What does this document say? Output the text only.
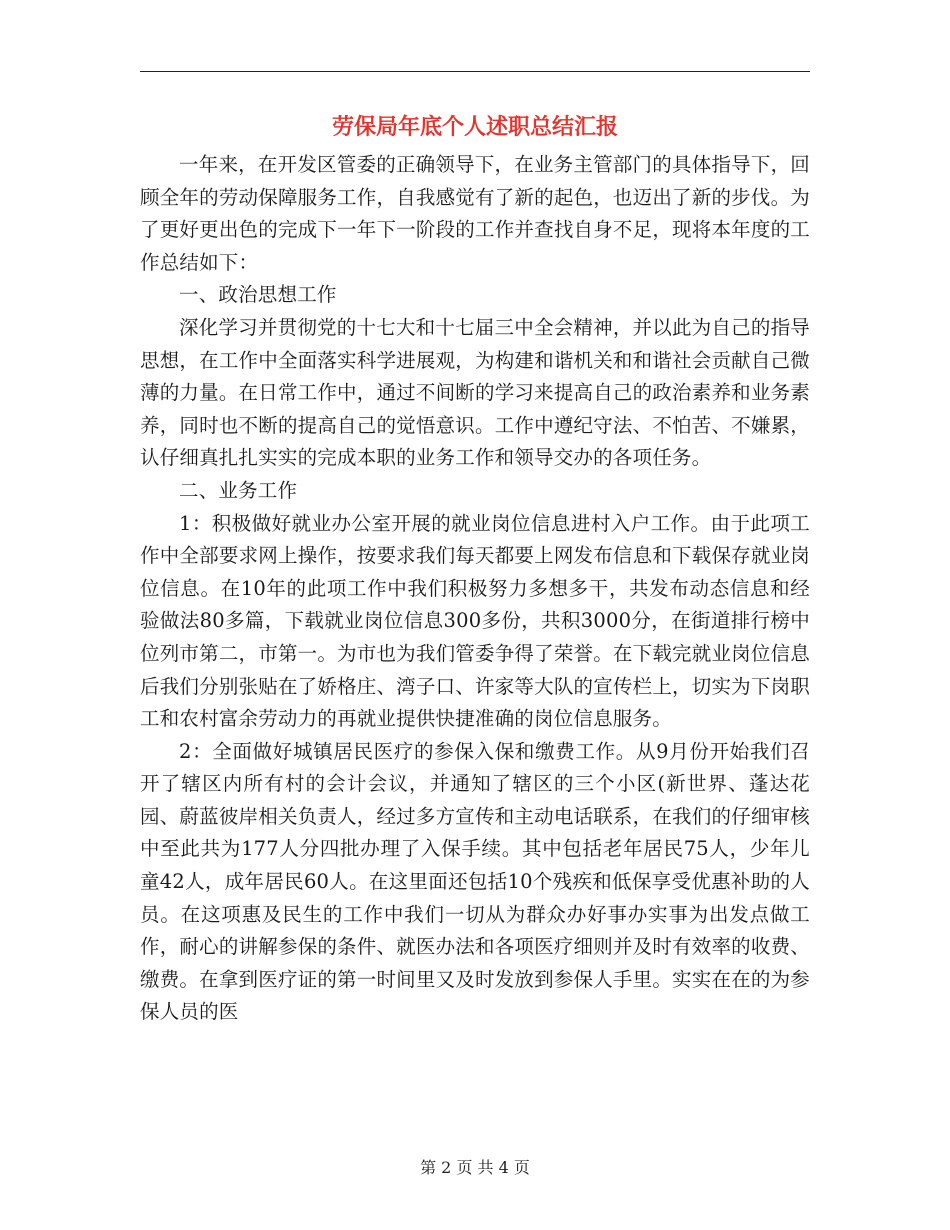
劳保局年底个人述职总结汇报

一年来，在开发区管委的正确领导下，在业务主管部门的具体指导下，回顾全年的劳动保障服务工作，自我感觉有了新的起色，也迈出了新的步伐。为了更好更出色的完成下一年下一阶段的工作并查找自身不足，现将本年度的工作总结如下：

一、政治思想工作

深化学习并贯彻党的十七大和十七届三中全会精神，并以此为自己的指导思想，在工作中全面落实科学进展观，为构建和谐机关和和谐社会贡献自己微薄的力量。在日常工作中，通过不间断的学习来提高自己的政治素养和业务素养，同时也不断的提高自己的觉悟意识。工作中遵纪守法、不怕苦、不嫌累，认仔细真扎扎实实的完成本职的业务工作和领导交办的各项任务。

二、业务工作

1：积极做好就业办公室开展的就业岗位信息进村入户工作。由于此项工作中全部要求网上操作，按要求我们每天都要上网发布信息和下载保存就业岗位信息。在10年的此项工作中我们积极努力多想多干，共发布动态信息和经验做法80多篇，下载就业岗位信息300多份，共积3000分，在街道排行榜中位列市第二，市第一。为市也为我们管委争得了荣誉。在下载完就业岗位信息后我们分别张贴在了娇格庄、湾子口、许家等大队的宣传栏上，切实为下岗职工和农村富余劳动力的再就业提供快捷准确的岗位信息服务。

2：全面做好城镇居民医疗的参保入保和缴费工作。从9月份开始我们召开了辖区内所有村的会计会议，并通知了辖区的三个小区(新世界、蓬达花园、蔚蓝彼岸相关负责人，经过多方宣传和主动电话联系，在我们的仔细审核中至此共为177人分四批办理了入保手续。其中包括老年居民75人，少年儿童42人，成年居民60人。在这里面还包括10个残疾和低保享受优惠补助的人员。在这项惠及民生的工作中我们一切从为群众办好事办实事为出发点做工作，耐心的讲解参保的条件、就医办法和各项医疗细则并及时有效率的收费、缴费。在拿到医疗证的第一时间里又及时发放到参保人手里。实实在在的为参保人员的医

第 2 页 共 4 页
